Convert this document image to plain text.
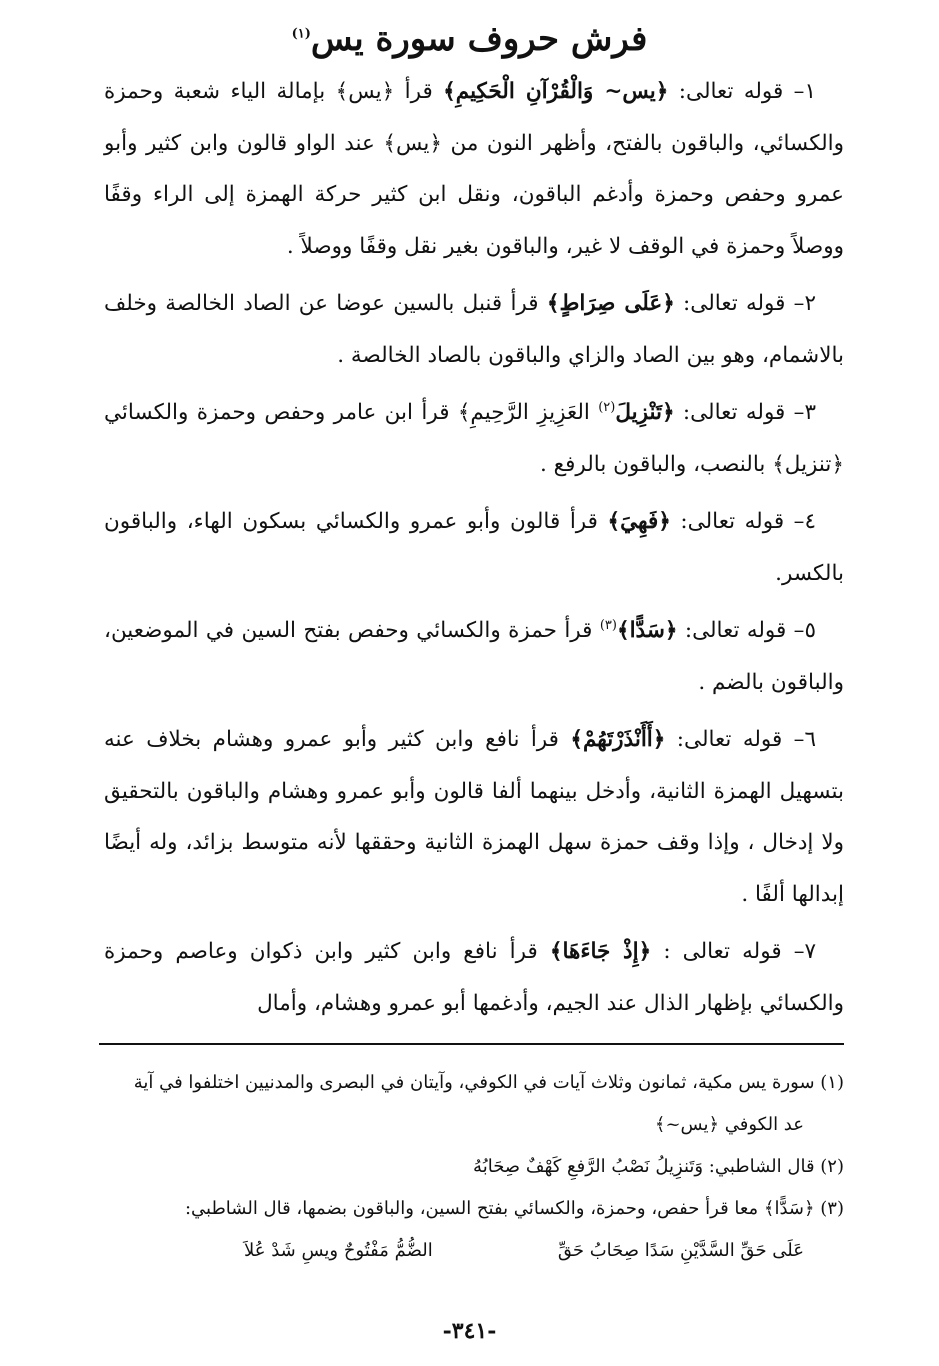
فرش حروف سورة يس$^{(١)}$

١– قوله تعالى: ﴿يس~ وَالْقُرْآنِ الْحَكِيمِ﴾ قرأ ﴿يس﴾ بإمالة الياء شعبة وحمزة والكسائي، والباقون بالفتح، وأظهر النون من ﴿يس﴾ عند الواو قالون وابن كثير وأبو عمرو وحفص وحمزة وأدغم الباقون، ونقل ابن كثير حركة الهمزة إلى الراء وقفًا ووصلاً وحمزة في الوقف لا غير، والباقون بغير نقل وقفًا ووصلاً .

٢– قوله تعالى: ﴿عَلَى صِرَاطٍ﴾ قرأ قنبل بالسين عوضا عن الصاد الخالصة وخلف بالاشمام، وهو بين الصاد والزاي والباقون بالصاد الخالصة .

٣– قوله تعالى: ﴿تَنْزِيلَ$^{(٢)}$ العَزِيزِ الرَّحِيمِ﴾ قرأ ابن عامر وحفص وحمزة والكسائي ﴿تنزيل﴾ بالنصب، والباقون بالرفع .

٤– قوله تعالى: ﴿فَهِيَ﴾ قرأ قالون وأبو عمرو والكسائي بسكون الهاء، والباقون بالكسر.

٥– قوله تعالى: ﴿سَدًّا﴾$^{(٣)}$ قرأ حمزة والكسائي وحفص بفتح السين في الموضعين، والباقون بالضم .

٦– قوله تعالى: ﴿أَأَنْذَرْتَهُمْ﴾ قرأ نافع وابن كثير وأبو عمرو وهشام بخلاف عنه بتسهيل الهمزة الثانية، وأدخل بينهما ألفا قالون وأبو عمرو وهشام والباقون بالتحقيق ولا إدخال ، وإذا وقف حمزة سهل الهمزة الثانية وحققها لأنه متوسط بزائد، وله أيضًا إبدالها ألفًا .

٧– قوله تعالى : ﴿إِذْ جَاءَهَا﴾ قرأ نافع وابن كثير وابن ذكوان وعاصم وحمزة والكسائي بإظهار الذال عند الجيم، وأدغمها أبو عمرو وهشام، وأمال

(١) سورة يس مكية، ثمانون وثلاث آيات في الكوفي، وآيتان في البصرى والمدنيين اختلفوا في آية

عد الكوفي ﴿يس~﴾

(٢) قال الشاطبي: وَتَنزِيلُ نَصْبُ الرَّفعِ كَهْفٌ صِحَابُهُ

(٣) ﴿سَدًّا﴾ معا قرأ حفص، وحمزة، والكسائي بفتح السين، والباقون بضمها، قال الشاطبي:

عَلَى حَقِّ السَّدَّيْنِ سَدًا صِحَابُ حَقِّ
الضُّمُّ مَفْتُوحٌ ويسِ شَدْ عُلاَ
-٣٤١-
